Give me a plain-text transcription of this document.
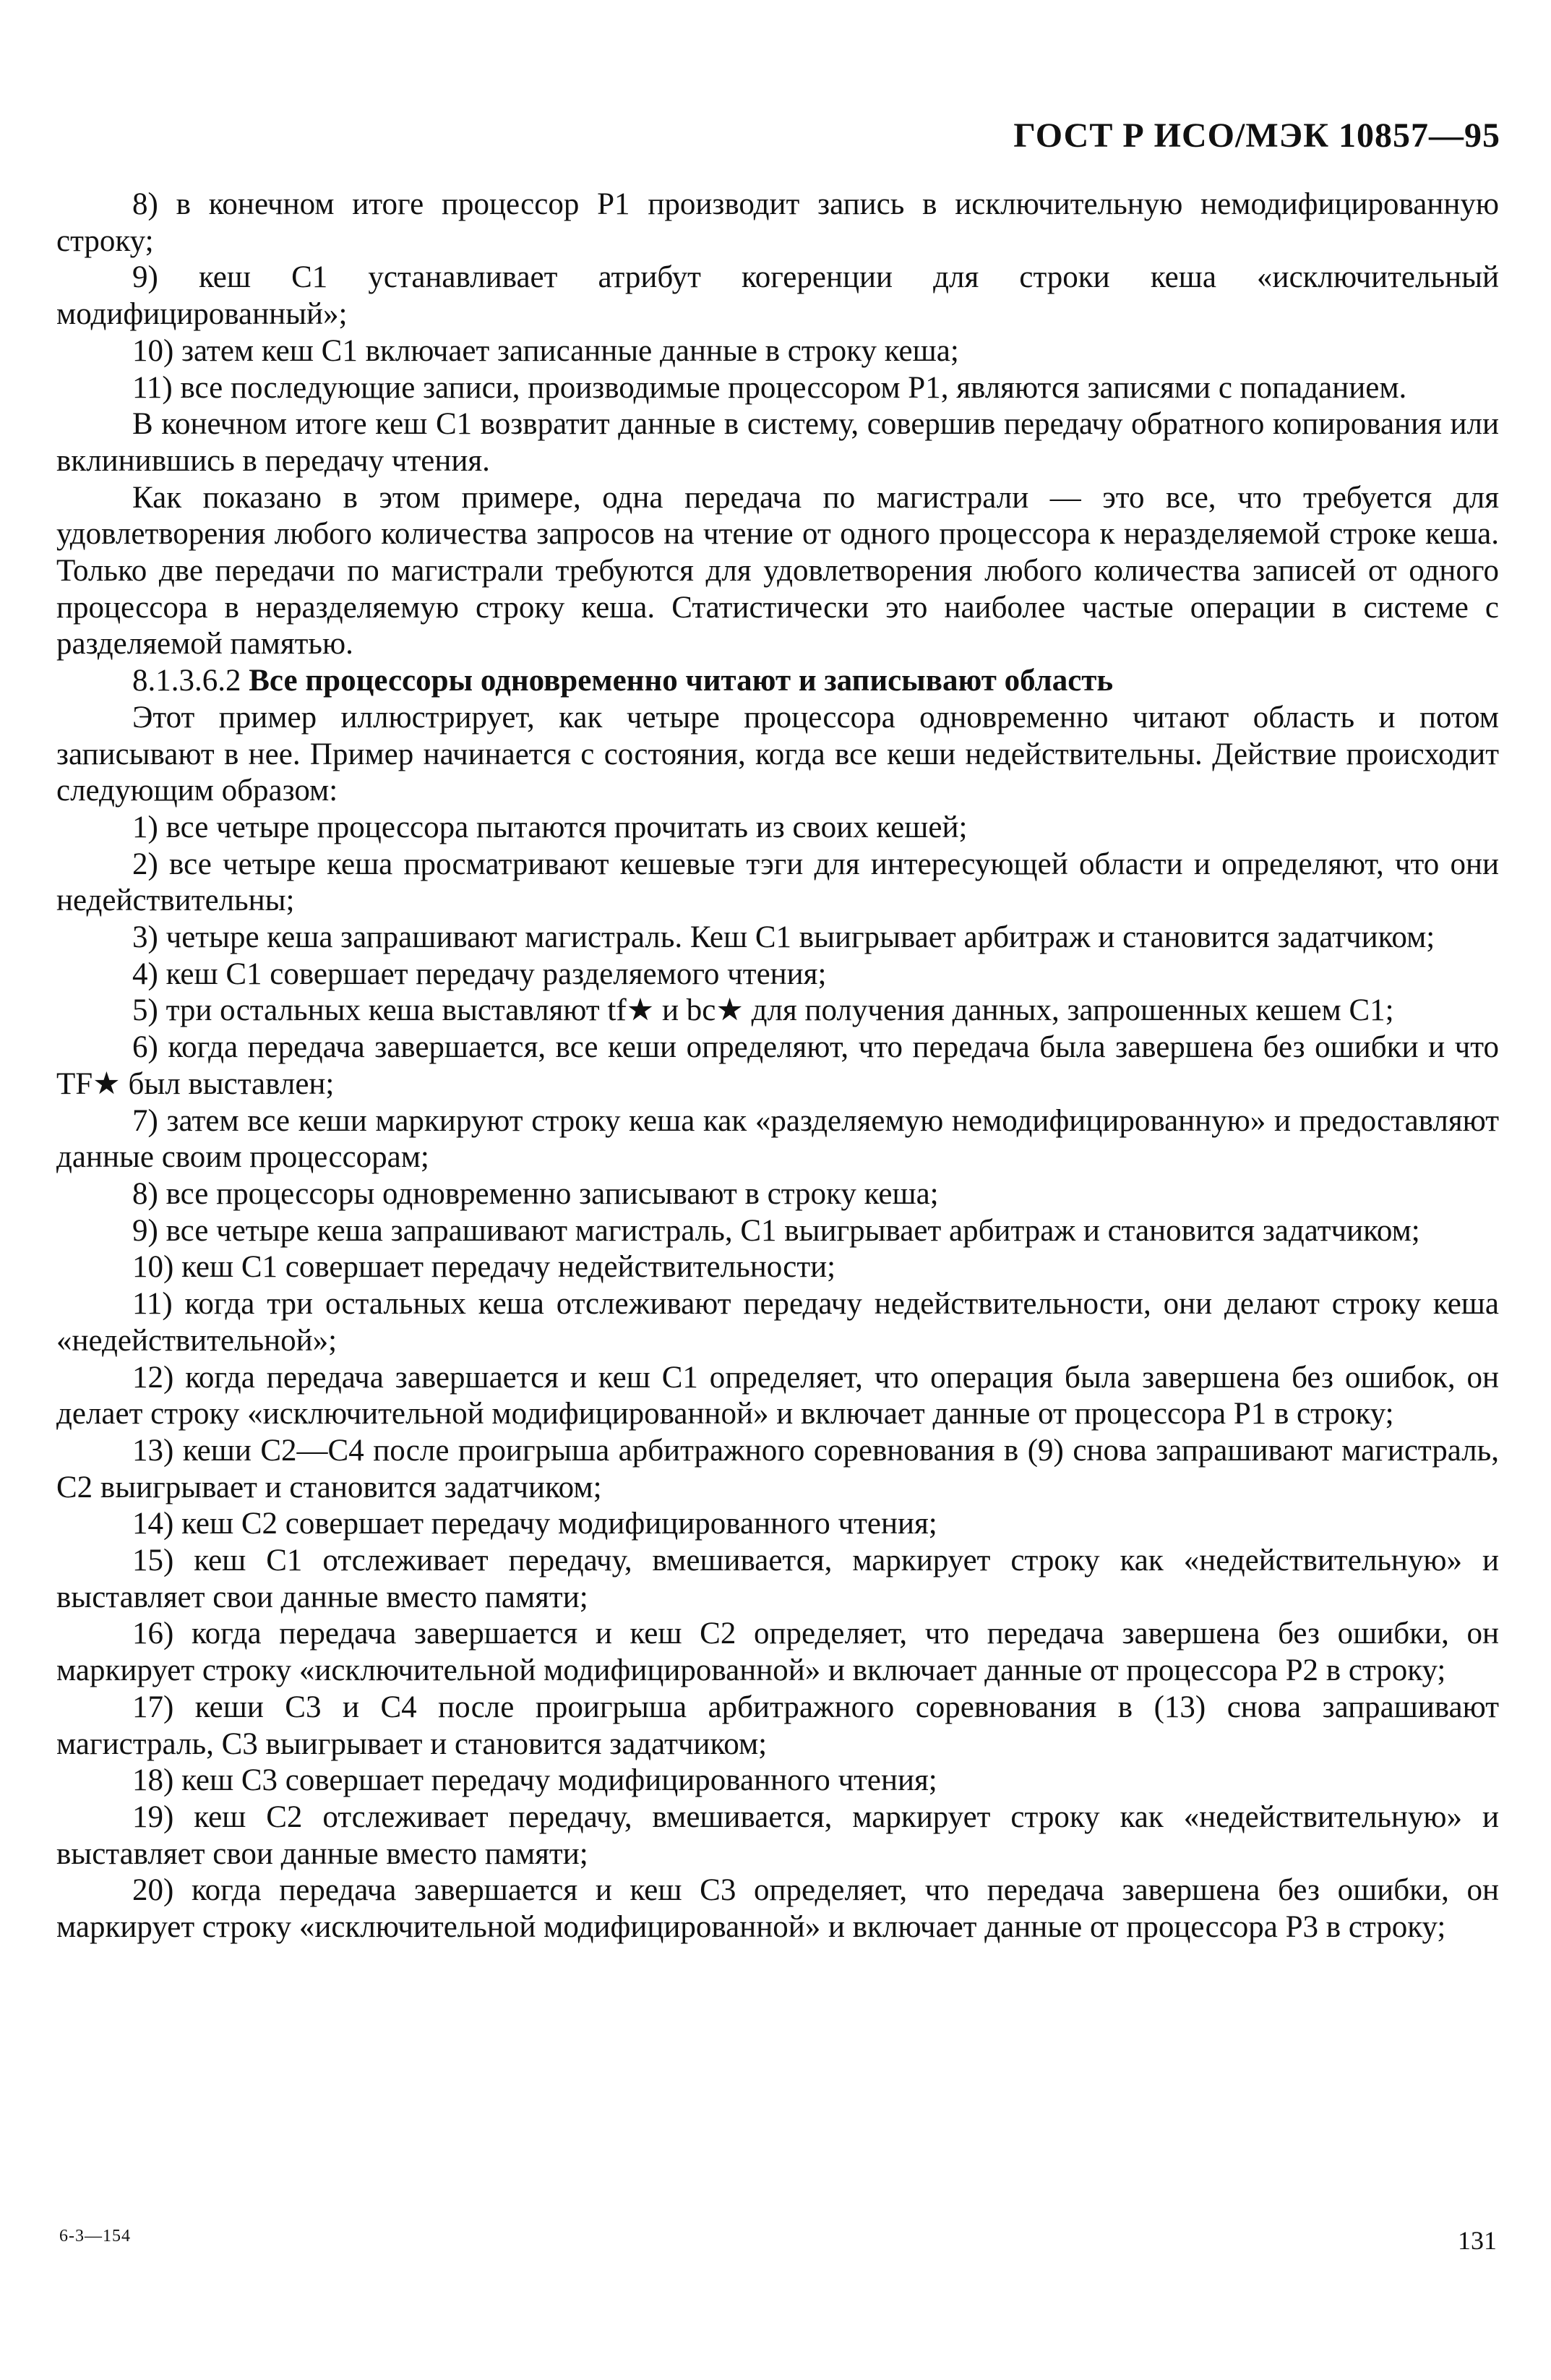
ГОСТ Р ИСО/МЭК 10857—95

8) в конечном итоге процессор Р1 производит запись в исключительную немодифицированную строку;

9) кеш С1 устанавливает атрибут когеренции для строки кеша «исключительный модифицированный»;

10) затем кеш С1 включает записанные данные в строку кеша;

11) все последующие записи, производимые процессором Р1, являются записями с попаданием.

В конечном итоге кеш С1 возвратит данные в систему, совершив передачу обратного копирования или вклинившись в передачу чтения.

Как показано в этом примере, одна передача по магистрали — это все, что требуется для удовлетворения любого количества запросов на чтение от одного процессора к неразделяемой строке кеша. Только две передачи по магистрали требуются для удовлетворения любого количества записей от одного процессора в неразделяемую строку кеша. Статистически это наиболее частые операции в системе с разделяемой памятью.

8.1.3.6.2 Все процессоры одновременно читают и записывают область

Этот пример иллюстрирует, как четыре процессора одновременно читают область и потом записывают в нее. Пример начинается с состояния, когда все кеши недействительны. Действие происходит следующим образом:

1) все четыре процессора пытаются прочитать из своих кешей;

2) все четыре кеша просматривают кешевые тэги для интересующей области и определяют, что они недействительны;

3) четыре кеша запрашивают магистраль. Кеш С1 выигрывает арбитраж и становится задатчиком;

4) кеш С1 совершает передачу разделяемого чтения;

5) три остальных кеша выставляют tf★ и bc★ для получения данных, запрошенных кешем С1;

6) когда передача завершается, все кеши определяют, что передача была завершена без ошибки и что TF★ был выставлен;

7) затем все кеши маркируют строку кеша как «разделяемую немодифицированную» и предоставляют данные своим процессорам;

8) все процессоры одновременно записывают в строку кеша;

9) все четыре кеша запрашивают магистраль, С1 выигрывает арбитраж и становится задатчиком;

10) кеш С1 совершает передачу недействительности;

11) когда три остальных кеша отслеживают передачу недействительности, они делают строку кеша «недействительной»;

12) когда передача завершается и кеш С1 определяет, что операция была завершена без ошибок, он делает строку «исключительной модифицированной» и включает данные от процессора Р1 в строку;

13) кеши С2—С4 после проигрыша арбитражного соревнования в (9) снова запрашивают магистраль, С2 выигрывает и становится задатчиком;

14) кеш С2 совершает передачу модифицированного чтения;

15) кеш С1 отслеживает передачу, вмешивается, маркирует строку как «недействительную» и выставляет свои данные вместо памяти;

16) когда передача завершается и кеш С2 определяет, что передача завершена без ошибки, он маркирует строку «исключительной модифицированной» и включает данные от процессора Р2 в строку;

17) кеши С3 и С4 после проигрыша арбитражного соревнования в (13) снова запрашивают магистраль, С3 выигрывает и становится задатчиком;

18) кеш С3 совершает передачу модифицированного чтения;

19) кеш С2 отслеживает передачу, вмешивается, маркирует строку как «недействительную» и выставляет свои данные вместо памяти;

20) когда передача завершается и кеш С3 определяет, что передача завершена без ошибки, он маркирует строку «исключительной модифицированной» и включает данные от процессора Р3 в строку;

6-3—154	131
